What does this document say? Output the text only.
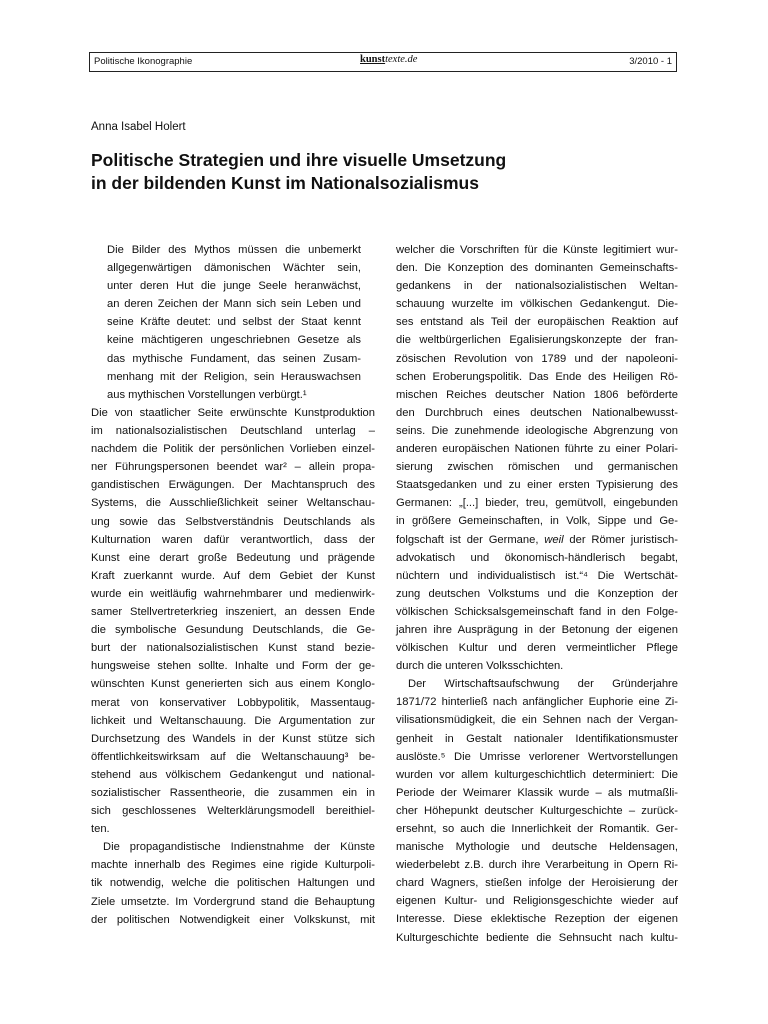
Politische Ikonographie	kunsttexte.de	3/2010 - 1
Anna Isabel Holert
Politische Strategien und ihre visuelle Umsetzung
in der bildenden Kunst im Nationalsozialismus
Die Bilder des Mythos müssen die unbemerkt
allgegenwärtigen dämonischen Wächter sein,
unter deren Hut die junge Seele heranwächst,
an deren Zeichen der Mann sich sein Leben und
seine Kräfte deutet: und selbst der Staat kennt
keine mächtigeren ungeschriebnen Gesetze als
das mythische Fundament, das seinen Zusam-
menhang mit der Religion, sein Herauswachsen
aus mythischen Vorstellungen verbürgt.¹
Die von staatlicher Seite erwünschte Kunstproduktion
im nationalsozialistischen Deutschland unterlag –
nachdem die Politik der persönlichen Vorlieben einzel-
ner Führungspersonen beendet war² – allein propa-
gandistischen Erwägungen. Der Machtanspruch des
Systems, die Ausschließlichkeit seiner Weltanschau-
ung sowie das Selbstverständnis Deutschlands als
Kulturnation waren dafür verantwortlich, dass der
Kunst eine derart große Bedeutung und prägende
Kraft zuerkannt wurde. Auf dem Gebiet der Kunst
wurde ein weitläufig wahrnehmbarer und medienwirk-
samer Stellvertreterkrieg inszeniert, an dessen Ende
die symbolische Gesundung Deutschlands, die Ge-
burt der nationalsozialistischen Kunst stand bezie-
hungsweise stehen sollte. Inhalte und Form der ge-
wünschten Kunst generierten sich aus einem Konglo-
merat von konservativer Lobbypolitik, Massentaug-
lichkeit und Weltanschauung. Die Argumentation zur
Durchsetzung des Wandels in der Kunst stütze sich
öffentlichkeitswirksam auf die Weltanschauung³ be-
stehend aus völkischem Gedankengut und national-
sozialistischer Rassentheorie, die zusammen ein in
sich geschlossenes Welterklärungsmodell bereithiel-
ten.
Die propagandistische Indienstnahme der Künste
machte innerhalb des Regimes eine rigide Kulturpoli-
tik notwendig, welche die politischen Haltungen und
Ziele umsetzte. Im Vordergrund stand die Behauptung
der politischen Notwendigkeit einer Volkskunst, mit
welcher die Vorschriften für die Künste legitimiert wur-
den. Die Konzeption des dominanten Gemeinschafts-
gedankens in der nationalsozialistischen Weltan-
schauung wurzelte im völkischen Gedankengut. Die-
ses entstand als Teil der europäischen Reaktion auf
die weltbürgerlichen Egalisierungskonzepte der fran-
zösischen Revolution von 1789 und der napoleoni-
schen Eroberungspolitik. Das Ende des Heiligen Rö-
mischen Reiches deutscher Nation 1806 beförderte
den Durchbruch eines deutschen Nationalbewusst-
seins. Die zunehmende ideologische Abgrenzung von
anderen europäischen Nationen führte zu einer Polari-
sierung zwischen römischen und germanischen
Staatsgedanken und zu einer ersten Typisierung des
Germanen: „[...] bieder, treu, gemütvoll, eingebunden
in größere Gemeinschaften, in Volk, Sippe und Ge-
folgschaft ist der Germane, weil der Römer juristisch-
advokatisch und ökonomisch-händlerisch begabt,
nüchtern und individualistisch ist.“⁴ Die Wertschät-
zung deutschen Volkstums und die Konzeption der
völkischen Schicksalsgemeinschaft fand in den Folge-
jahren ihre Ausprägung in der Betonung der eigenen
völkischen Kultur und deren vermeintlicher Pflege
durch die unteren Volksschichten.
Der Wirtschaftsaufschwung der Gründerjahre
1871/72 hinterließ nach anfänglicher Euphorie eine Zi-
vilisationsmüdigkeit, die ein Sehnen nach der Vergan-
genheit in Gestalt nationaler Identifikationsmuster
auslöste.⁵ Die Umrisse verlorener Wertvorstellungen
wurden vor allem kulturgeschichtlich determiniert: Die
Periode der Weimarer Klassik wurde – als mutmaßli-
cher Höhepunkt deutscher Kulturgeschichte – zurück-
ersehnt, so auch die Innerlichkeit der Romantik. Ger-
manische Mythologie und deutsche Heldensagen,
wiederbelebt z.B. durch ihre Verarbeitung in Opern Ri-
chard Wagners, stießen infolge der Heroisierung der
eigenen Kultur- und Religionsgeschichte wieder auf
Interesse. Diese eklektische Rezeption der eigenen
Kulturgeschichte bediente die Sehnsucht nach kultu-
